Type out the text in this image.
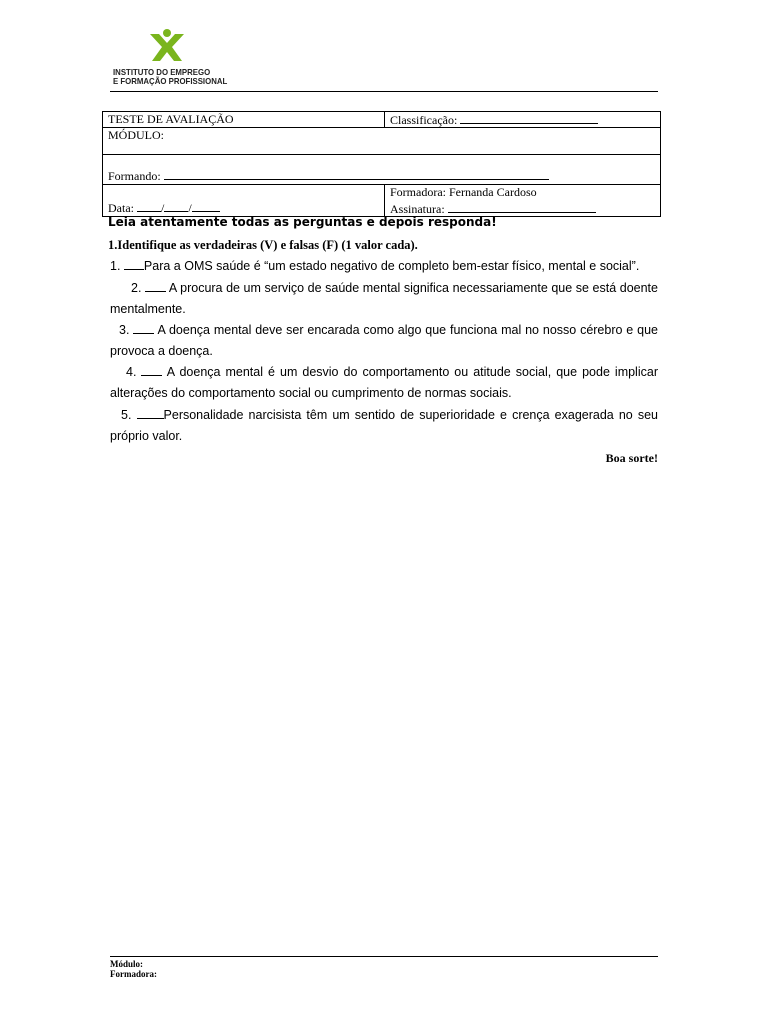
INSTITUTO DO EMPREGO
E FORMAÇÃO PROFISSIONAL
TESTE DE AVALIAÇÃO	Classificação:
MÓDULO:	
Formando:	
Data: / /	Formadora: Fernanda Cardoso
Assinatura:
Leia atentamente todas as perguntas e depois responda!
1.Identifique as verdadeiras (V) e falsas (F) (1 valor cada).
1. Para a OMS saúde é “um estado negativo de completo bem-estar físico, mental e social”.
2. A procura de um serviço de saúde mental significa necessariamente que se está doente mentalmente.
3. A doença mental deve ser encarada como algo que funciona mal no nosso cérebro e que provoca a doença.
4. A doença mental é um desvio do comportamento ou atitude social, que pode implicar alterações do comportamento social ou cumprimento de normas sociais.
5.	Personalidade narcisista têm um sentido de superioridade e crença exagerada no seu próprio valor.
Boa sorte!
Módulo:
Formadora:
